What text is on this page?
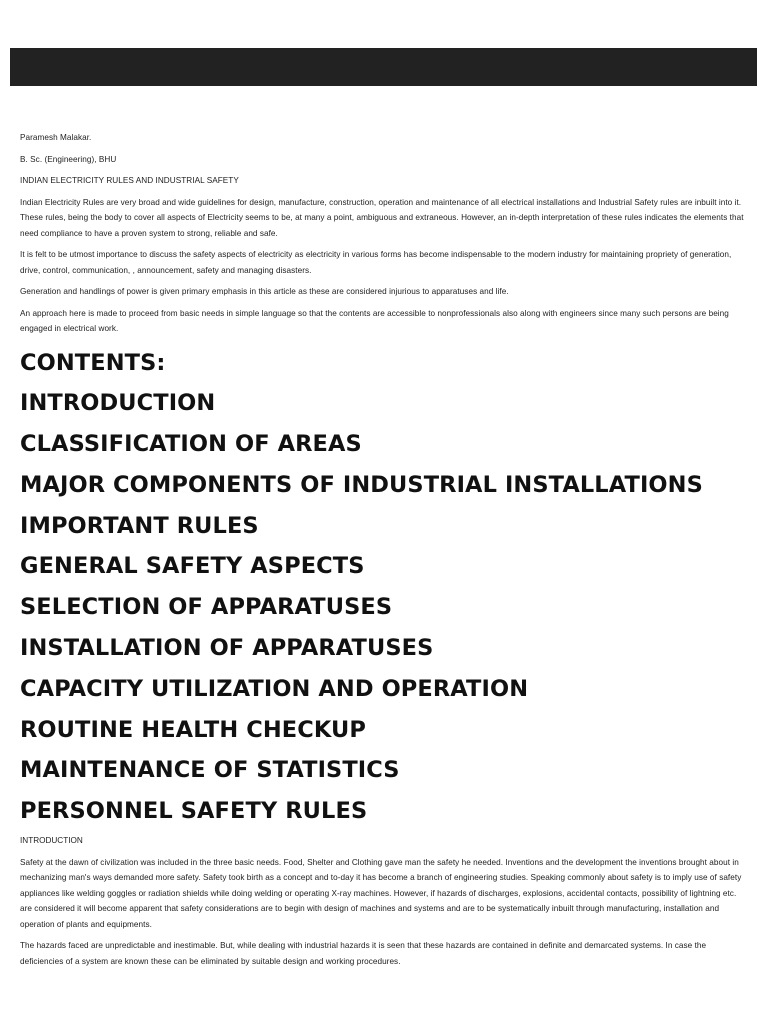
Paramesh Malakar.

B. Sc. (Engineering), BHU

INDIAN ELECTRICITY RULES AND INDUSTRIAL SAFETY

Indian Electricity Rules are very broad and wide guidelines for design, manufacture, construction, operation and maintenance of all electrical installations and Industrial Safety rules are inbuilt into it. These rules, being the body to cover all aspects of Electricity seems to be, at many a point, ambiguous and extraneous. However, an in-depth interpretation of these rules indicates the elements that need compliance to have a proven system to strong, reliable and safe.

It is felt to be utmost importance to discuss the safety aspects of electricity as electricity in various forms has become indispensable to the modern industry for maintaining propriety of generation, drive, control, communication, , announcement, safety and managing disasters.

Generation and handlings of power is given primary emphasis in this article as these are considered injurious to apparatuses and life.

An approach here is made to proceed from basic needs in simple language so that the contents are accessible to nonprofessionals also along with engineers since many such persons are being engaged in electrical work.

CONTENTS:
INTRODUCTION
CLASSIFICATION OF AREAS
MAJOR COMPONENTS OF INDUSTRIAL INSTALLATIONS
IMPORTANT RULES
GENERAL SAFETY ASPECTS
SELECTION OF APPARATUSES
INSTALLATION OF APPARATUSES
CAPACITY UTILIZATION AND OPERATION
ROUTINE HEALTH CHECKUP
MAINTENANCE OF STATISTICS
PERSONNEL SAFETY RULES

INTRODUCTION

Safety at the dawn of civilization was included in the three basic needs. Food, Shelter and Clothing gave man the safety he needed. Inventions and the development the inventions brought about in mechanizing man's ways demanded more safety. Safety took birth as a concept and to-day it has become a branch of engineering studies. Speaking commonly about safety is to imply use of safety appliances like welding goggles or radiation shields while doing welding or operating X-ray machines. However, if hazards of discharges, explosions, accidental contacts, possibility of lightning etc. are considered it will become apparent that safety considerations are to begin with design of machines and systems and are to be systematically inbuilt through manufacturing, installation and operation of plants and equipments.

The hazards faced are unpredictable and inestimable. But, while dealing with industrial hazards it is seen that these hazards are contained in definite and demarcated systems. In case the deficiencies of a system are known these can be eliminated by suitable design and working procedures.
